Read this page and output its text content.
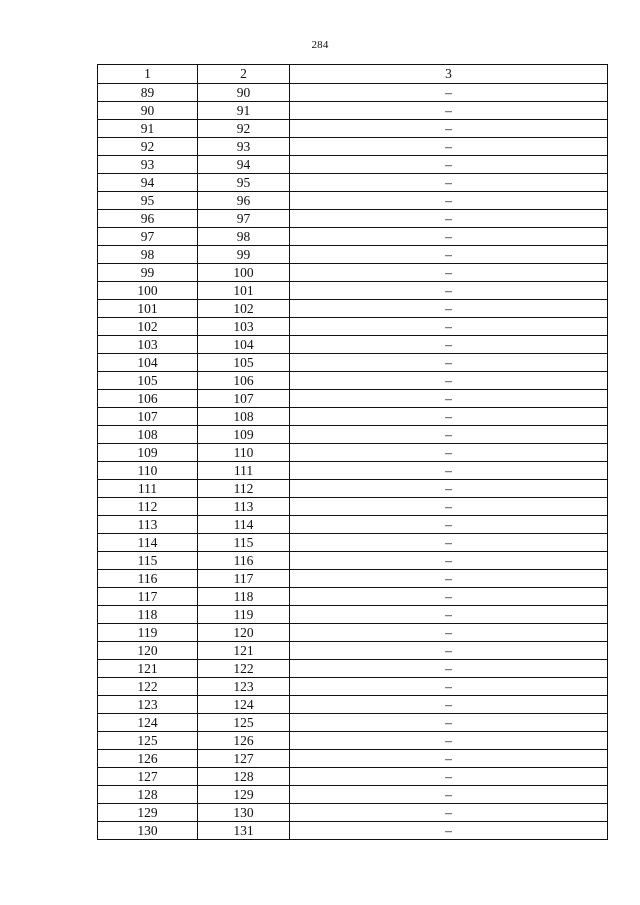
284
1	2	3
89	90	–
90	91	–
91	92	–
92	93	–
93	94	–
94	95	–
95	96	–
96	97	–
97	98	–
98	99	–
99	100	–
100	101	–
101	102	–
102	103	–
103	104	–
104	105	–
105	106	–
106	107	–
107	108	–
108	109	–
109	110	–
110	111	–
111	112	–
112	113	–
113	114	–
114	115	–
115	116	–
116	117	–
117	118	–
118	119	–
119	120	–
120	121	–
121	122	–
122	123	–
123	124	–
124	125	–
125	126	–
126	127	–
127	128	–
128	129	–
129	130	–
130	131	–
